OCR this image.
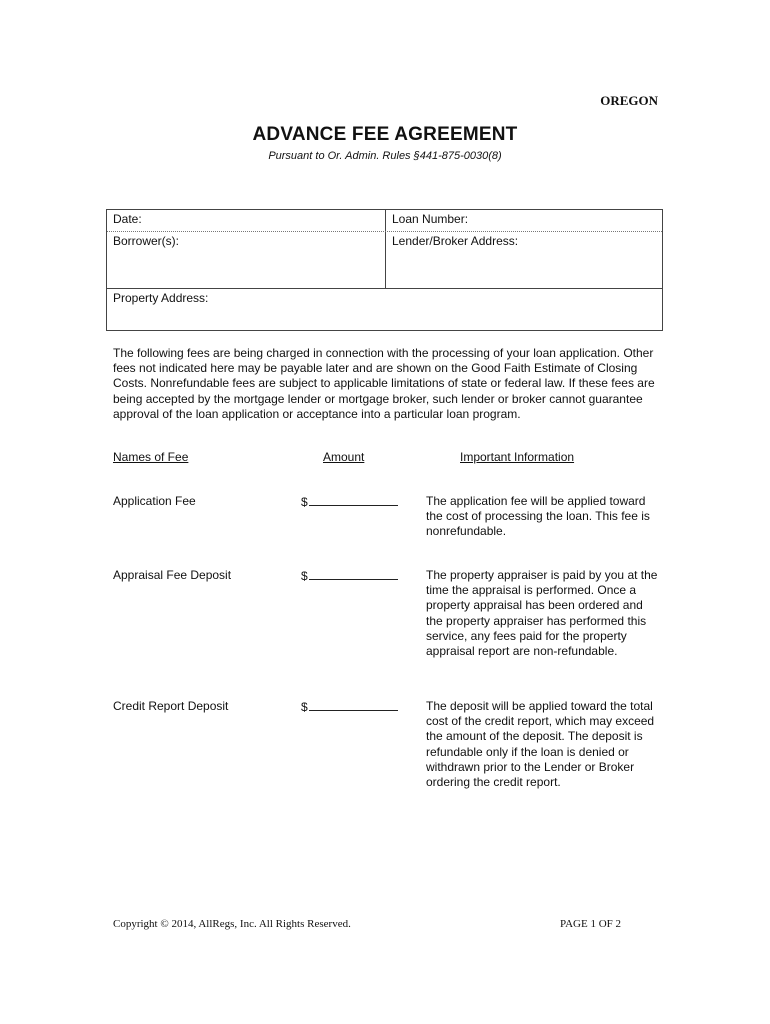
OREGON
ADVANCE FEE AGREEMENT
Pursuant to Or. Admin. Rules §441-875-0030(8)
Date:	Loan Number:
Borrower(s):	Lender/Broker Address:
Property Address:
The following fees are being charged in connection with the processing of your loan application. Other fees not indicated here may be payable later and are shown on the Good Faith Estimate of Closing Costs. Nonrefundable fees are subject to applicable limitations of state or federal law. If these fees are being accepted by the mortgage lender or mortgage broker, such lender or broker cannot guarantee approval of the loan application or acceptance into a particular loan program.
Names of Fee	Amount	Important Information
Application Fee	$	The application fee will be applied toward the cost of processing the loan. This fee is nonrefundable.
Appraisal Fee Deposit	$	The property appraiser is paid by you at the time the appraisal is performed. Once a property appraisal has been ordered and the property appraiser has performed this service, any fees paid for the property appraisal report are non-refundable.
Credit Report Deposit	$	The deposit will be applied toward the total cost of the credit report, which may exceed the amount of the deposit. The deposit is refundable only if the loan is denied or withdrawn prior to the Lender or Broker ordering the credit report.
Copyright © 2014, AllRegs, Inc. All Rights Reserved.	PAGE 1 OF 2
